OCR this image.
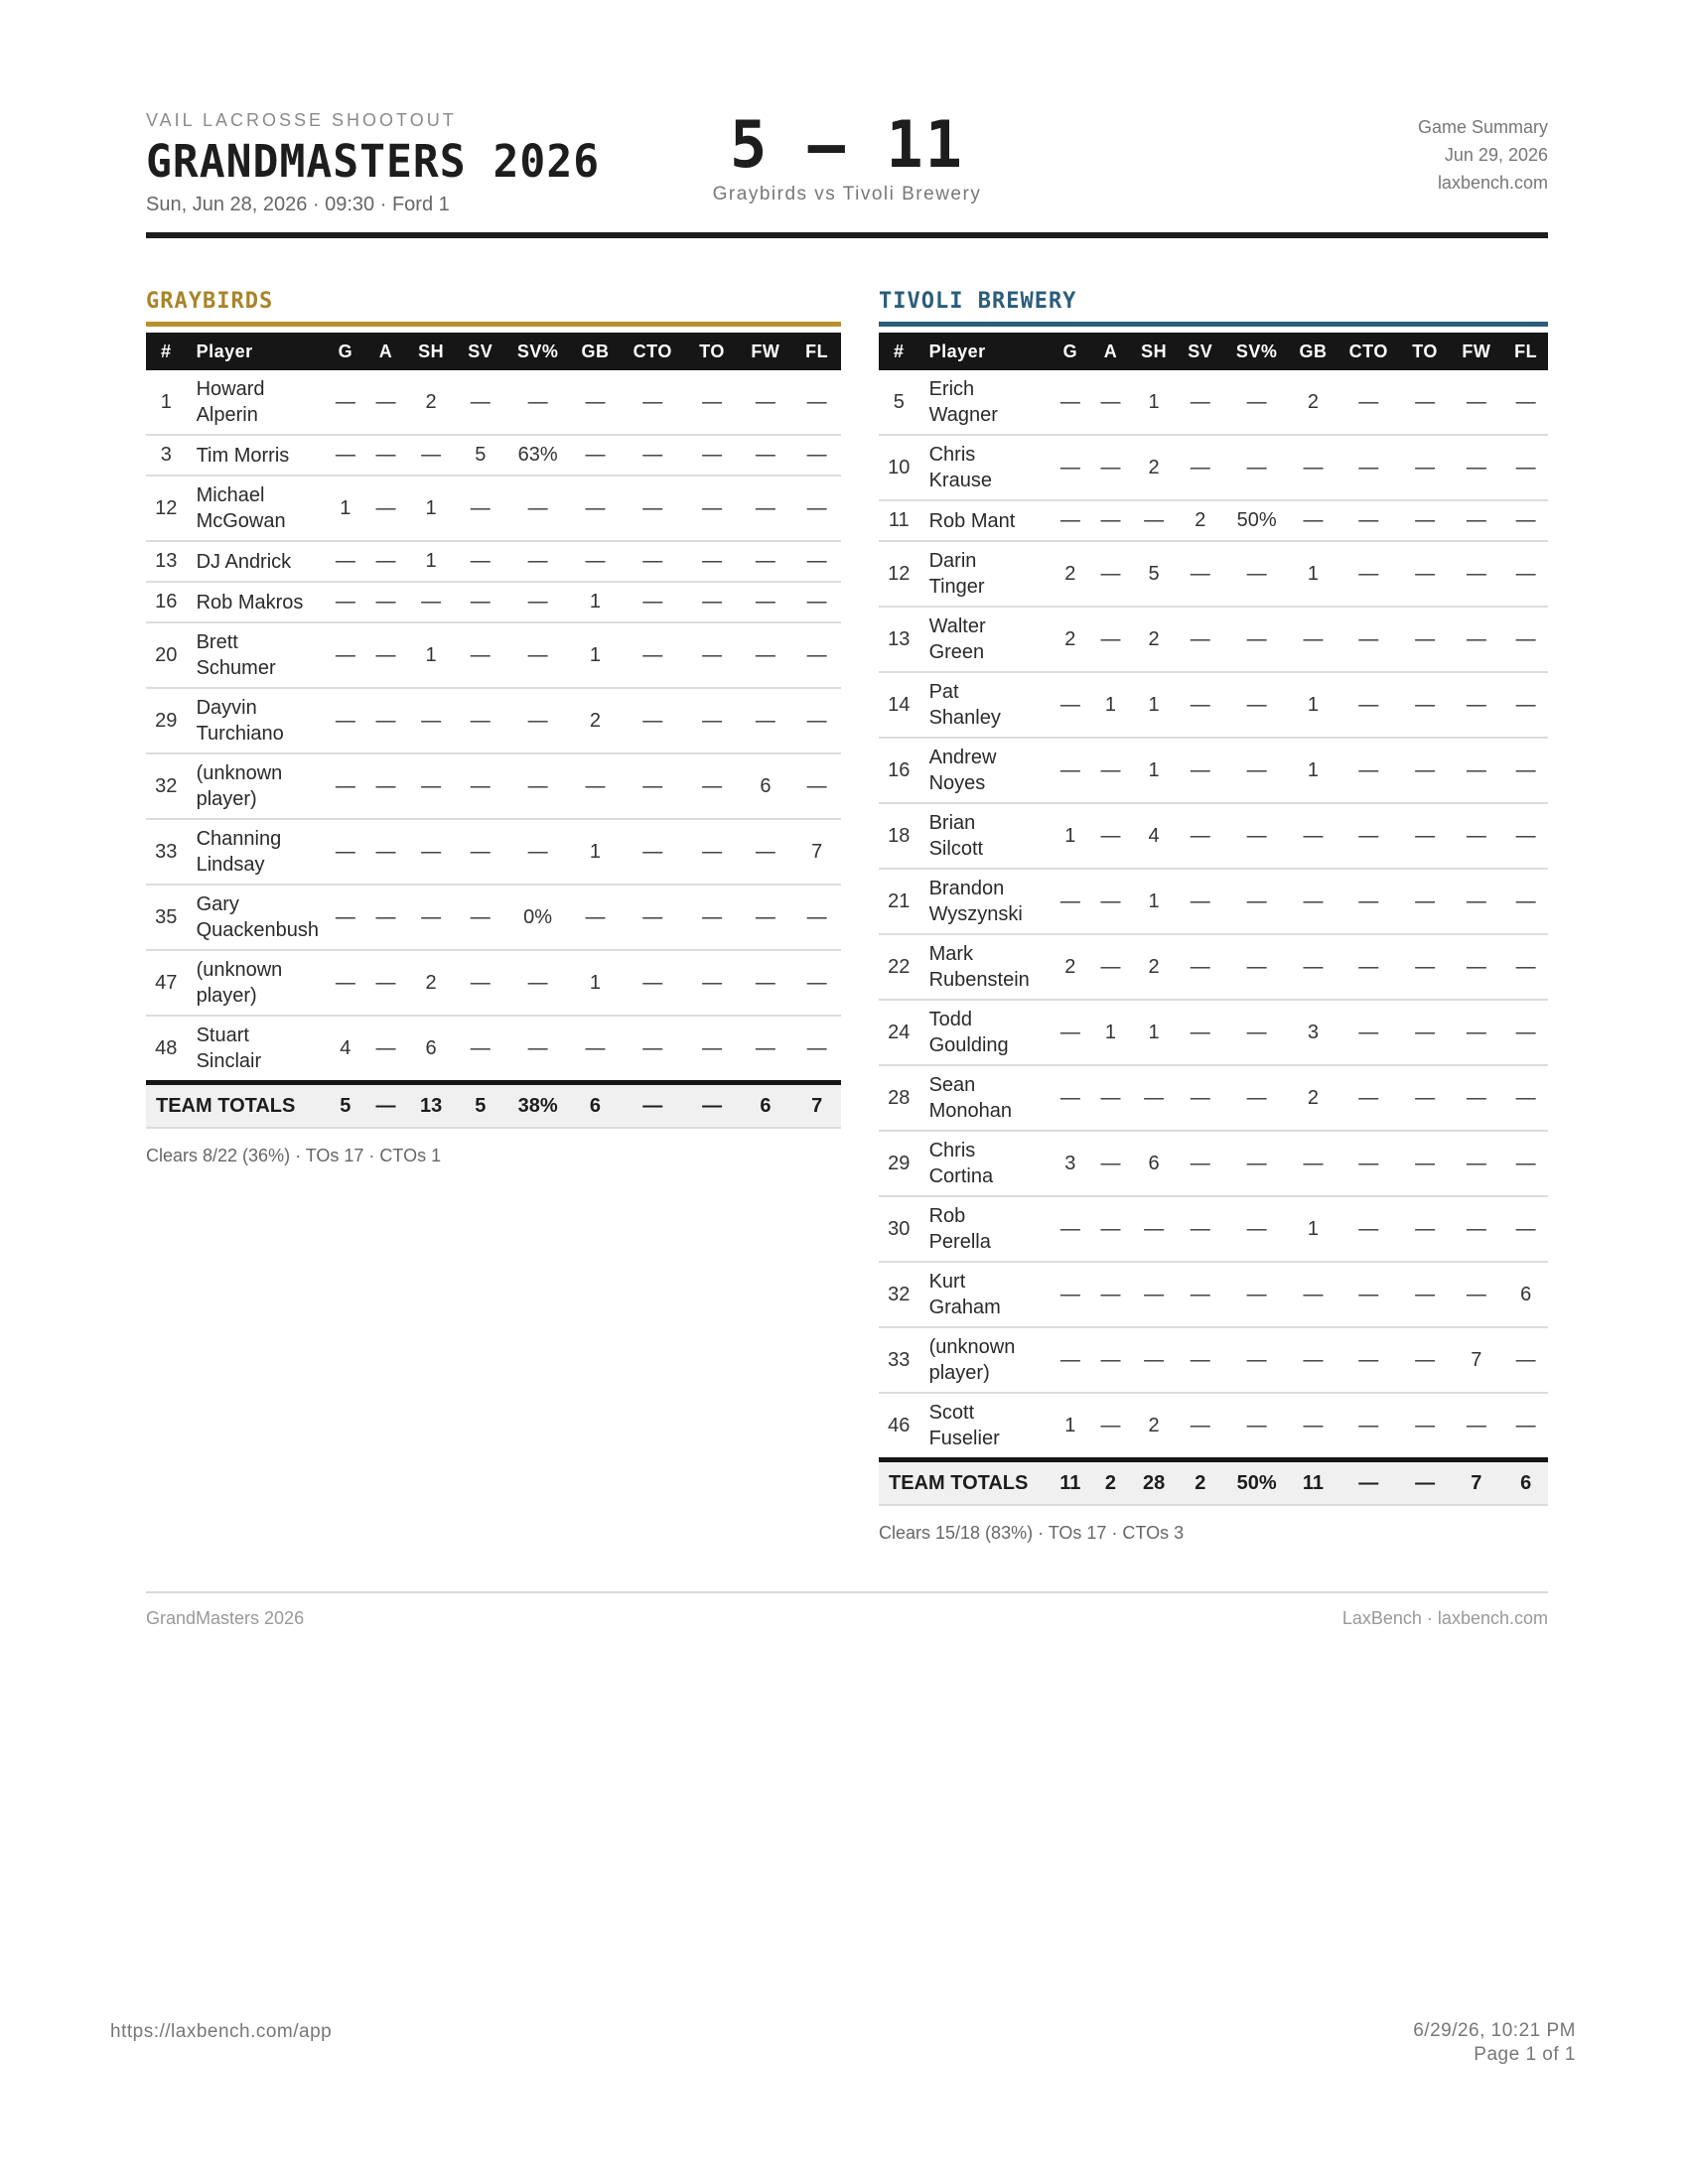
VAIL LACROSSE SHOOTOUT
GRANDMASTERS 2026
Sun, Jun 28, 2026 · 09:30 · Ford 1
5 – 11
Graybirds vs Tivoli Brewery
Game Summary
Jun 29, 2026
laxbench.com
GRAYBIRDS
#	Player	G	A	SH	SV	SV%	GB	CTO	TO	FW	FL
1	Howard
Alperin	—	—	2	—	—	—	—	—	—	—
3	Tim Morris	—	—	—	5	63%	—	—	—	—	—
12	Michael
McGowan	1	—	1	—	—	—	—	—	—	—
13	DJ Andrick	—	—	1	—	—	—	—	—	—	—
16	Rob Makros	—	—	—	—	—	1	—	—	—	—
20	Brett
Schumer	—	—	1	—	—	1	—	—	—	—
29	Dayvin
Turchiano	—	—	—	—	—	2	—	—	—	—
32	(unknown
player)	—	—	—	—	—	—	—	—	6	—
33	Channing
Lindsay	—	—	—	—	—	1	—	—	—	7
35	Gary
Quackenbush	—	—	—	—	0%	—	—	—	—	—
47	(unknown
player)	—	—	2	—	—	1	—	—	—	—
48	Stuart
Sinclair	4	—	6	—	—	—	—	—	—	—
TEAM TOTALS		5	—	13	5	38%	6	—	—	6	7
Clears 8/22 (36%) · TOs 17 · CTOs 1
TIVOLI BREWERY
#	Player	G	A	SH	SV	SV%	GB	CTO	TO	FW	FL
5	Erich
Wagner	—	—	1	—	—	2	—	—	—	—
10	Chris
Krause	—	—	2	—	—	—	—	—	—	—
11	Rob Mant	—	—	—	2	50%	—	—	—	—	—
12	Darin
Tinger	2	—	5	—	—	1	—	—	—	—
13	Walter
Green	2	—	2	—	—	—	—	—	—	—
14	Pat
Shanley	—	1	1	—	—	1	—	—	—	—
16	Andrew
Noyes	—	—	1	—	—	1	—	—	—	—
18	Brian
Silcott	1	—	4	—	—	—	—	—	—	—
21	Brandon
Wyszynski	—	—	1	—	—	—	—	—	—	—
22	Mark
Rubenstein	2	—	2	—	—	—	—	—	—	—
24	Todd
Goulding	—	1	1	—	—	3	—	—	—	—
28	Sean
Monohan	—	—	—	—	—	2	—	—	—	—
29	Chris
Cortina	3	—	6	—	—	—	—	—	—	—
30	Rob
Perella	—	—	—	—	—	1	—	—	—	—
32	Kurt
Graham	—	—	—	—	—	—	—	—	—	6
33	(unknown
player)	—	—	—	—	—	—	—	—	7	—
46	Scott
Fuselier	1	—	2	—	—	—	—	—	—	—
TEAM TOTALS		11	2	28	2	50%	11	—	—	7	6
Clears 15/18 (83%) · TOs 17 · CTOs 3
GrandMasters 2026	LaxBench · laxbench.com
https://laxbench.com/app	6/29/26, 10:21 PM
Page 1 of 1
